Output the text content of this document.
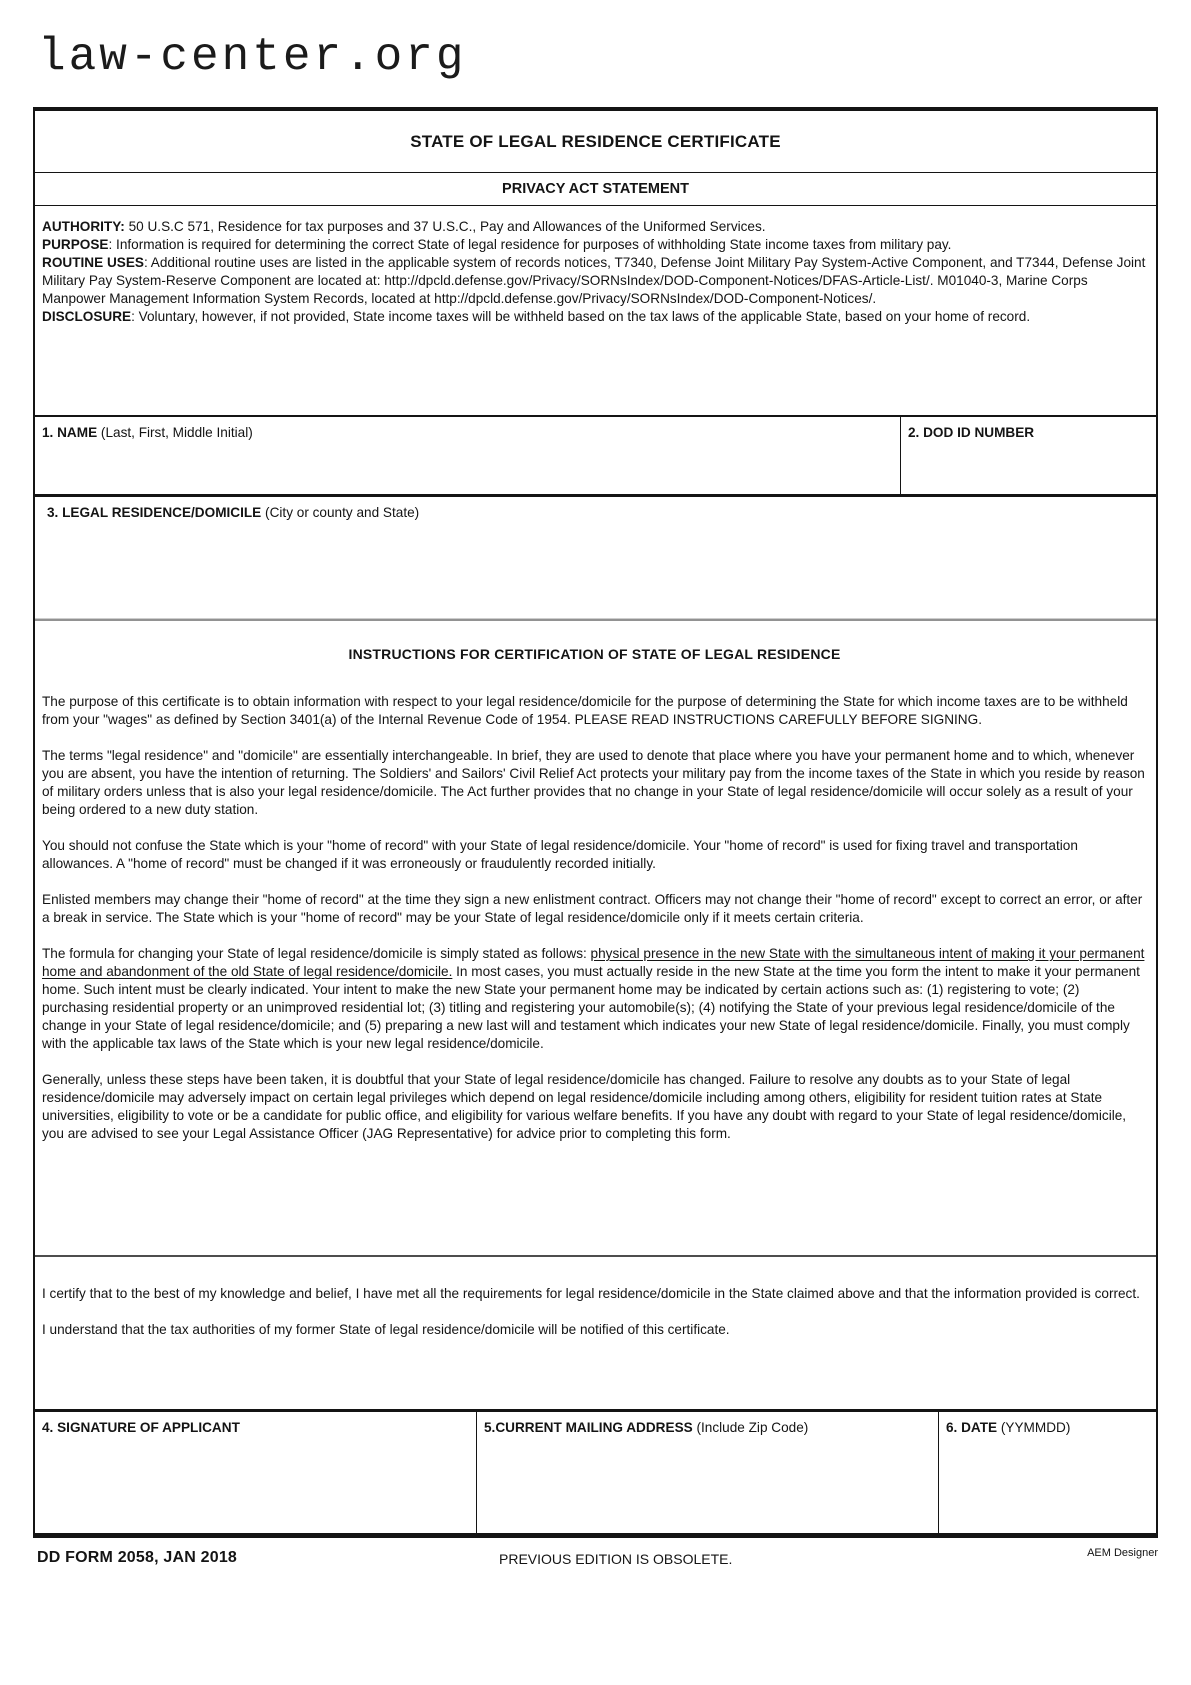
law-center.org
STATE OF LEGAL RESIDENCE CERTIFICATE
PRIVACY ACT STATEMENT

AUTHORITY: 50 U.S.C 571, Residence for tax purposes and 37 U.S.C., Pay and Allowances of the Uniformed Services.

PURPOSE: Information is required for determining the correct State of legal residence for purposes of withholding State income taxes from military pay.

ROUTINE USES: Additional routine uses are listed in the applicable system of records notices, T7340, Defense Joint Military Pay System-Active Component, and T7344, Defense Joint Military Pay System-Reserve Component are located at: http://dpcld.defense.gov/Privacy/SORNsIndex/DOD-Component-Notices/DFAS-Article-List/. M01040-3, Marine Corps Manpower Management Information System Records, located at http://dpcld.defense.gov/Privacy/SORNsIndex/DOD-Component-Notices/.

DISCLOSURE: Voluntary, however, if not provided, State income taxes will be withheld based on the tax laws of the applicable State, based on your home of record.

1. NAME (Last, First, Middle Initial)	2. DOD ID NUMBER
3. LEGAL RESIDENCE/DOMICILE (City or county and State)
INSTRUCTIONS FOR CERTIFICATION OF STATE OF LEGAL RESIDENCE

The purpose of this certificate is to obtain information with respect to your legal residence/domicile for the purpose of determining the State for which income taxes are to be withheld from your "wages" as defined by Section 3401(a) of the Internal Revenue Code of 1954. PLEASE READ INSTRUCTIONS CAREFULLY BEFORE SIGNING.

The terms "legal residence" and "domicile" are essentially interchangeable. In brief, they are used to denote that place where you have your permanent home and to which, whenever you are absent, you have the intention of returning. The Soldiers' and Sailors' Civil Relief Act protects your military pay from the income taxes of the State in which you reside by reason of military orders unless that is also your legal residence/domicile. The Act further provides that no change in your State of legal residence/domicile will occur solely as a result of your being ordered to a new duty station.

You should not confuse the State which is your "home of record" with your State of legal residence/domicile. Your "home of record" is used for fixing travel and transportation allowances. A "home of record" must be changed if it was erroneously or fraudulently recorded initially.

Enlisted members may change their "home of record" at the time they sign a new enlistment contract. Officers may not change their "home of record" except to correct an error, or after a break in service. The State which is your "home of record" may be your State of legal residence/domicile only if it meets certain criteria.

The formula for changing your State of legal residence/domicile is simply stated as follows: physical presence in the new State with the simultaneous intent of making it your permanent home and abandonment of the old State of legal residence/domicile. In most cases, you must actually reside in the new State at the time you form the intent to make it your permanent home. Such intent must be clearly indicated. Your intent to make the new State your permanent home may be indicated by certain actions such as: (1) registering to vote; (2) purchasing residential property or an unimproved residential lot; (3) titling and registering your automobile(s); (4) notifying the State of your previous legal residence/domicile of the change in your State of legal residence/domicile; and (5) preparing a new last will and testament which indicates your new State of legal residence/domicile. Finally, you must comply with the applicable tax laws of the State which is your new legal residence/domicile.

Generally, unless these steps have been taken, it is doubtful that your State of legal residence/domicile has changed. Failure to resolve any doubts as to your State of legal residence/domicile may adversely impact on certain legal privileges which depend on legal residence/domicile including among others, eligibility for resident tuition rates at State universities, eligibility to vote or be a candidate for public office, and eligibility for various welfare benefits. If you have any doubt with regard to your State of legal residence/domicile, you are advised to see your Legal Assistance Officer (JAG Representative) for advice prior to completing this form.

I certify that to the best of my knowledge and belief, I have met all the requirements for legal residence/domicile in the State claimed above and that the information provided is correct.

I understand that the tax authorities of my former State of legal residence/domicile will be notified of this certificate.

4. SIGNATURE OF APPLICANT	5.CURRENT MAILING ADDRESS (Include Zip Code)	6. DATE (YYMMDD)
DD FORM 2058, JAN 2018	PREVIOUS EDITION IS OBSOLETE.	AEM Designer
